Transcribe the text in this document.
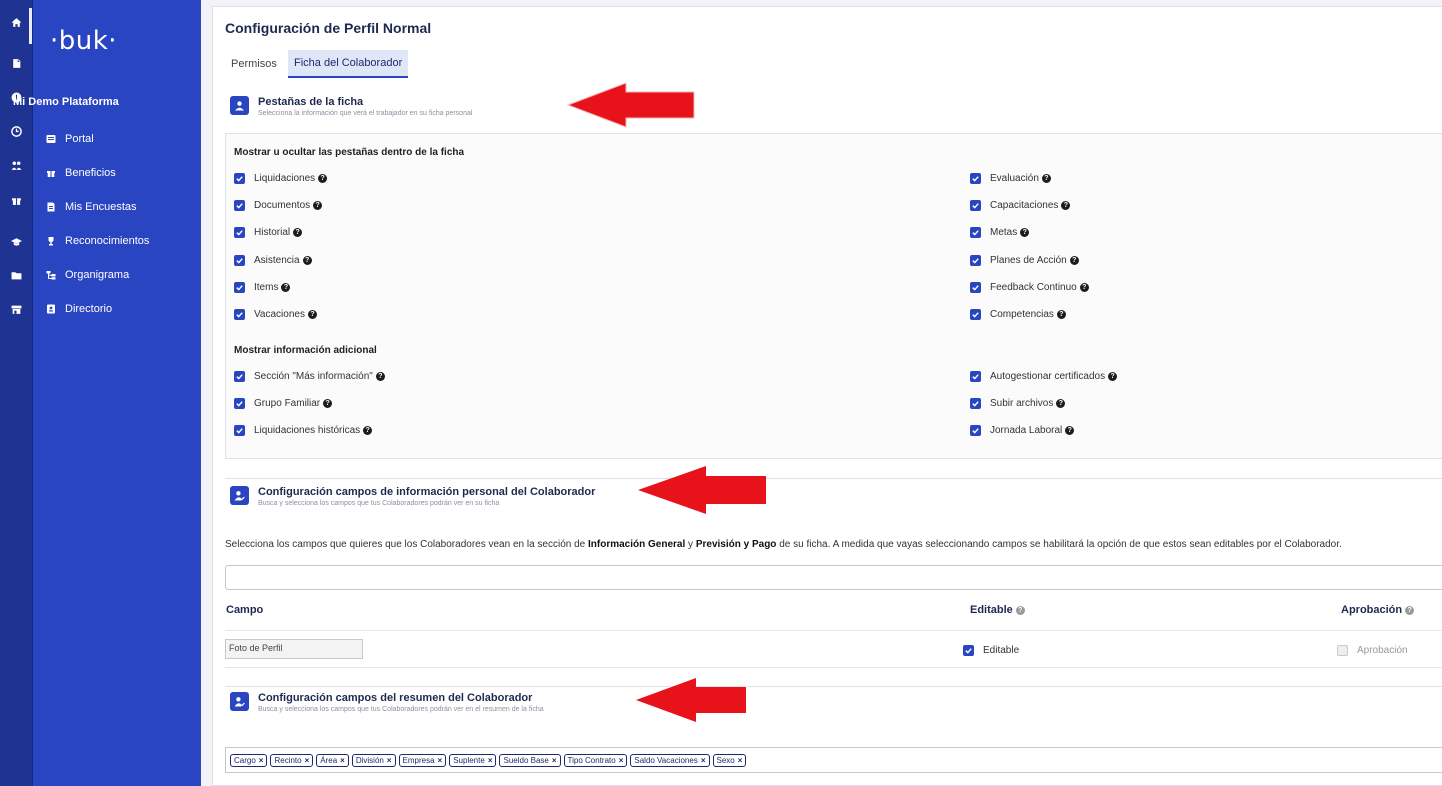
·buk·
Mi Demo Plataforma
Portal
Beneficios
Mis Encuestas
Reconocimientos
Organigrama
Directorio
Configuración de Perfil Normal
Permisos	Ficha del Colaborador
Pestañas de la ficha
Selecciona la información que verá el trabajador en su ficha personal
Mostrar u ocultar las pestañas dentro de la ficha
Liquidaciones ?
Documentos ?
Historial ?
Asistencia ?
Items ?
Vacaciones ?
Evaluación ?
Capacitaciones ?
Metas ?
Planes de Acción ?
Feedback Continuo ?
Competencias ?
Mostrar información adicional
Sección "Más información" ?
Grupo Familiar ?
Liquidaciones históricas ?
Autogestionar certificados ?
Subir archivos ?
Jornada Laboral ?
Configuración campos de información personal del Colaborador
Busca y selecciona los campos que tus Colaboradores podrán ver en su ficha
Selecciona los campos que quieres que los Colaboradores vean en la sección de Información General y Previsión y Pago de su ficha. A medida que vayas seleccionando campos se habilitará la opción de que estos sean editables por el Colaborador.
Campo	Editable ?	Aprobación ?
Foto de Perfil	Editable	Aprobación
Configuración campos del resumen del Colaborador
Busca y selecciona los campos que tus Colaboradores podrán ver en el resumen de la ficha
Cargo ×	Recinto ×	Área ×	División ×	Empresa ×	Suplente ×	Sueldo Base ×	Tipo Contrato ×	Saldo Vacaciones ×	Sexo ×
